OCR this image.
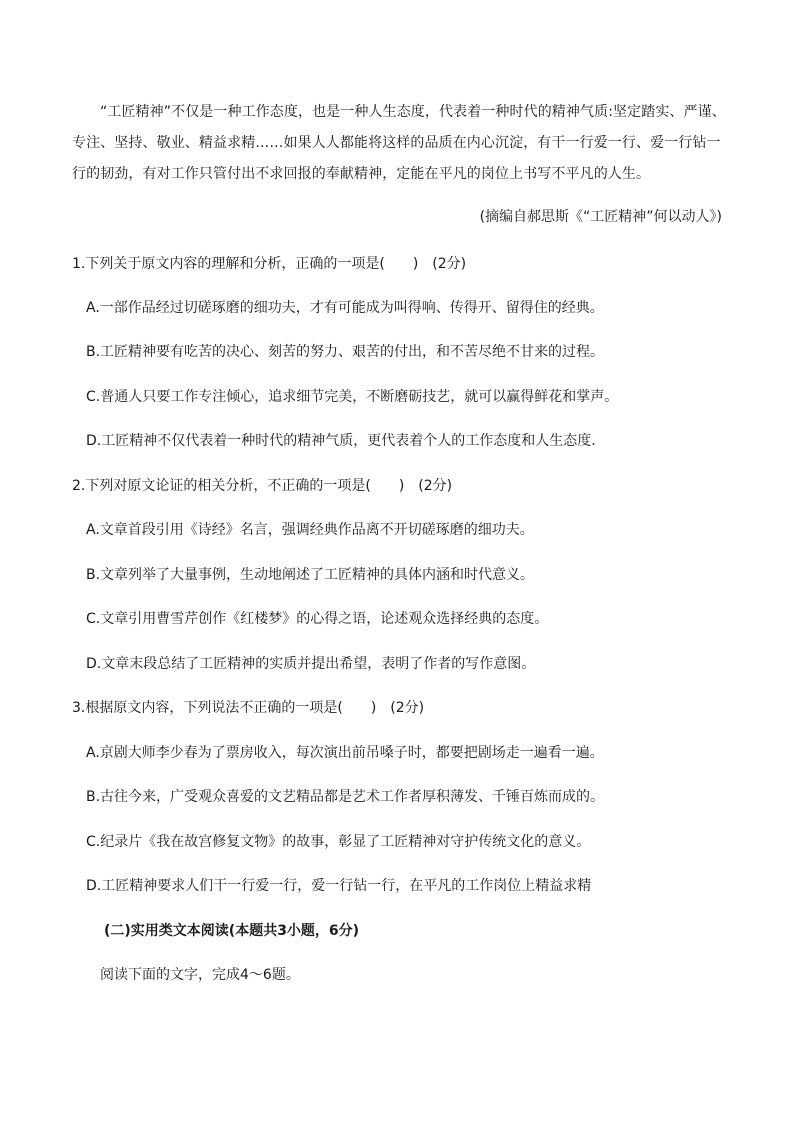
“工匠精神”不仅是一种工作态度，也是一种人生态度，代表着一种时代的精神气质:坚定踏实、严谨、专注、坚持、敬业、精益求精……如果人人都能将这样的品质在内心沉淀，有干一行爱一行、爱一行钻一行的韧劲，有对工作只管付出不求回报的奉献精神，定能在平凡的岗位上书写不平凡的人生。

(摘编自郝思斯《“工匠精神”何以动人》)

1.下列关于原文内容的理解和分析，正确的一项是(　　)　(2分)

A.一部作品经过切磋琢磨的细功夫，才有可能成为叫得响、传得开、留得住的经典。

B.工匠精神要有吃苦的决心、刻苦的努力、艰苦的付出，和不苦尽绝不甘来的过程。

C.普通人只要工作专注倾心，追求细节完美，不断磨砺技艺，就可以赢得鲜花和掌声。

D.工匠精神不仅代表着一种时代的精神气质，更代表着个人的工作态度和人生态度.

2.下列对原文论证的相关分析，不正确的一项是(　　)　(2分)

A.文章首段引用《诗经》名言，强调经典作品离不开切磋琢磨的细功夫。

B.文章列举了大量事例，生动地阐述了工匠精神的具体内涵和时代意义。

C.文章引用曹雪芹创作《红楼梦》的心得之语，论述观众选择经典的态度。

D.文章末段总结了工匠精神的实质并提出希望，表明了作者的写作意图。

3.根据原文内容，下列说法不正确的一项是(　　)　(2分)

A.京剧大师李少春为了票房收入，每次演出前吊嗓子时，都要把剧场走一遍看一遍。

B.古往今来，广受观众喜爱的文艺精品都是艺术工作者厚积薄发、千锤百炼而成的。

C.纪录片《我在故宫修复文物》的故事，彰显了工匠精神对守护传统文化的意义。

D.工匠精神要求人们干一行爱一行，爱一行钻一行，在平凡的工作岗位上精益求精

(二)实用类文本阅读(本题共3小题，6分)

阅读下面的文字，完成4～6题。
